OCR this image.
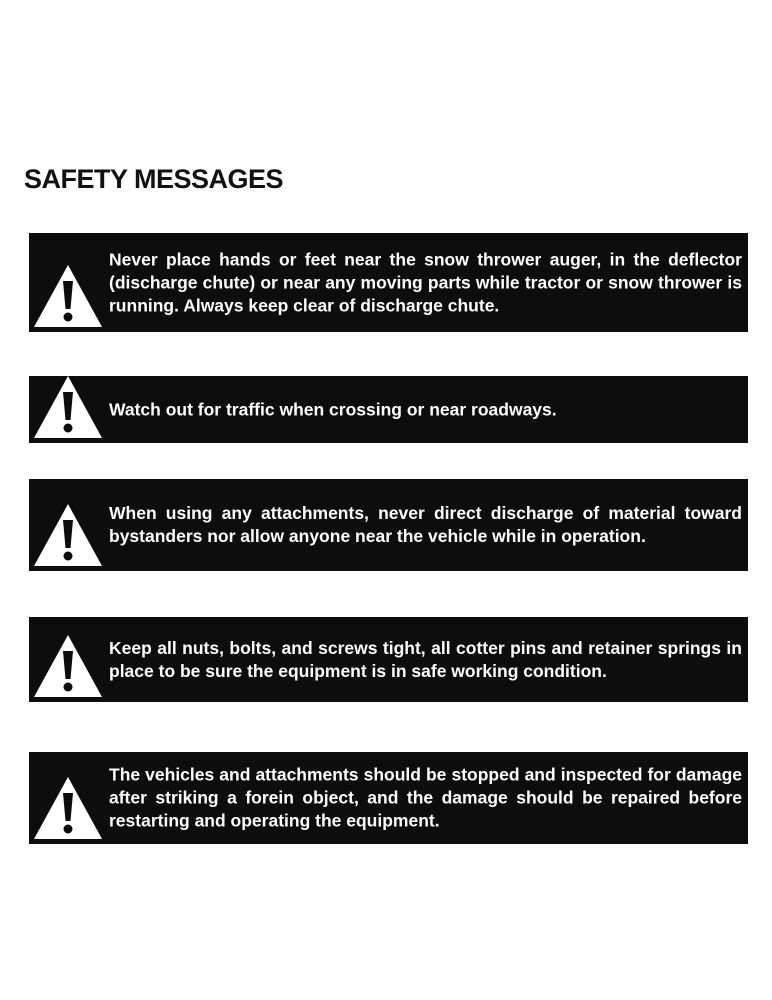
SAFETY MESSAGES

Never place hands or feet near the snow thrower auger, in the deflector (discharge chute) or near any moving parts while tractor or snow thrower is running. Always keep clear of discharge chute.

Watch out for traffic when crossing or near roadways.

When using any attachments, never direct discharge of material toward bystanders nor allow anyone near the vehicle while in operation.

Keep all nuts, bolts, and screws tight, all cotter pins and retainer springs in place to be sure the equipment is in safe working condition.

The vehicles and attachments should be stopped and inspected for damage after striking a forein object, and the damage should be repaired before restarting and operating the equipment.
